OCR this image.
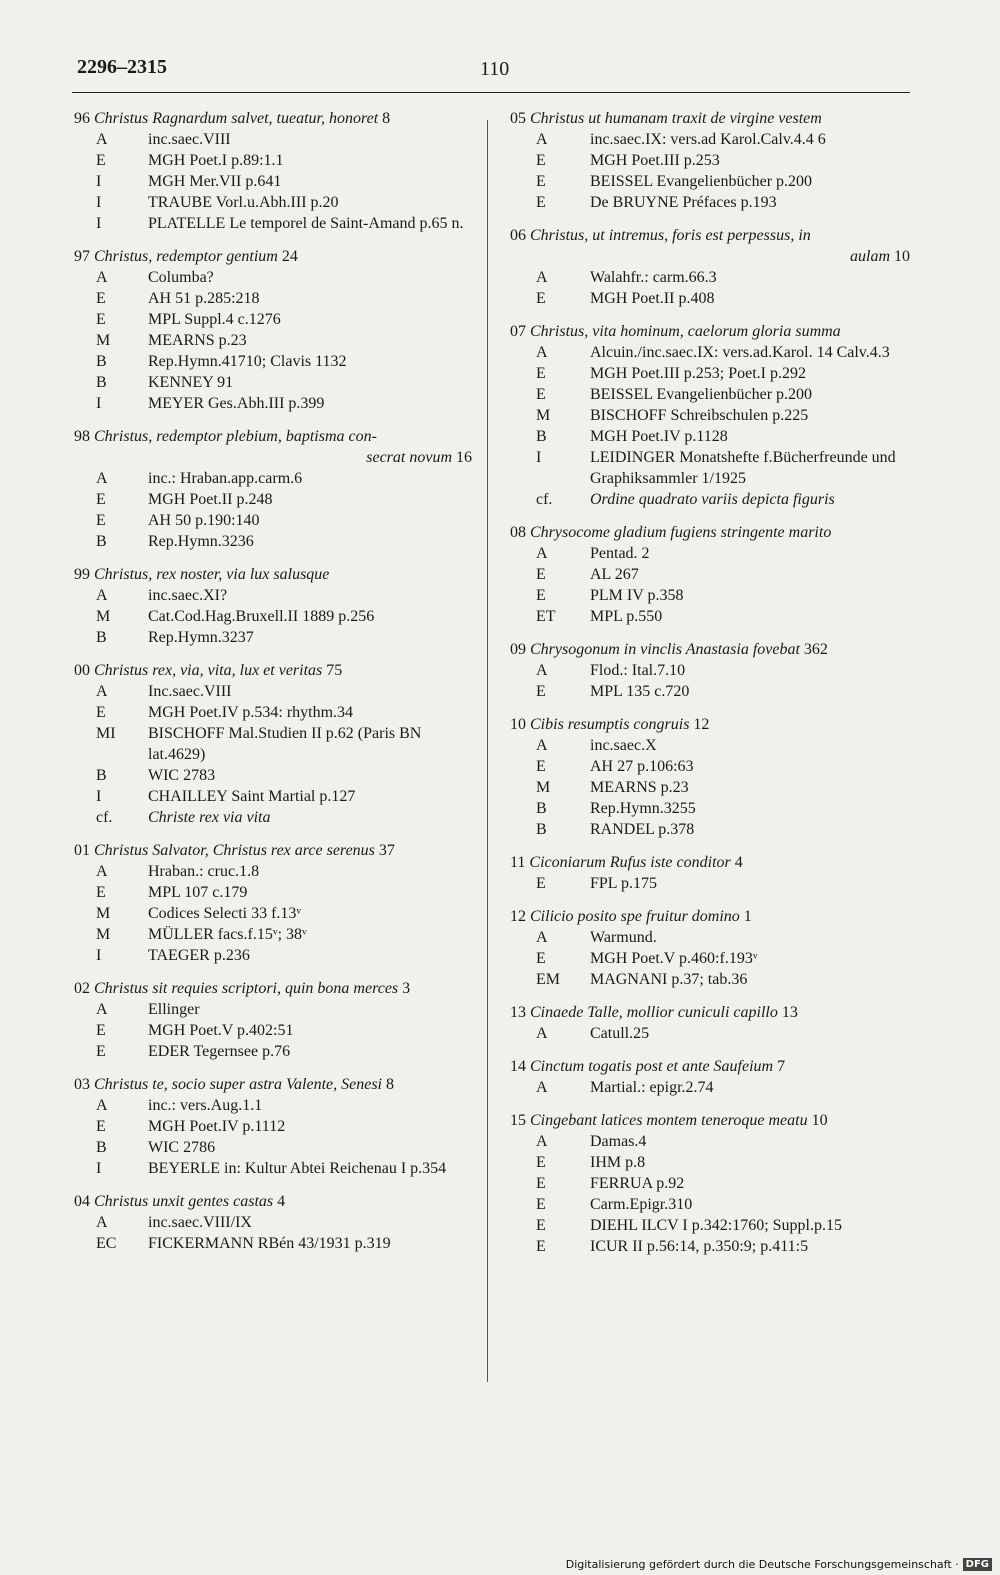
2296–2315	110
96 Christus Ragnardum salvet, tueatur, honoret 8
A	inc.saec.VIII
E	MGH Poet.I p.89:1.1
I	MGH Mer.VII p.641
I	TRAUBE Vorl.u.Abh.III p.20
I	PLATELLE Le temporel de Saint-Amand p.65 n.
97 Christus, redemptor gentium 24
A	Columba?
E	AH 51 p.285:218
E	MPL Suppl.4 c.1276
M	MEARNS p.23
B	Rep.Hymn.41710; Clavis 1132
B	KENNEY 91
I	MEYER Ges.Abh.III p.399
98 Christus, redemptor plebium, baptisma con-
secrat novum 16
A	inc.: Hraban.app.carm.6
E	MGH Poet.II p.248
E	AH 50 p.190:140
B	Rep.Hymn.3236
99 Christus, rex noster, via lux salusque
A	inc.saec.XI?
M	Cat.Cod.Hag.Bruxell.II 1889 p.256
B	Rep.Hymn.3237
00 Christus rex, via, vita, lux et veritas 75
A	Inc.saec.VIII
E	MGH Poet.IV p.534: rhythm.34
MI	BISCHOFF Mal.Studien II p.62 (Paris BN lat.4629)
B	WIC 2783
I	CHAILLEY Saint Martial p.127
cf.	Christe rex via vita
01 Christus Salvator, Christus rex arce serenus 37
A	Hraban.: cruc.1.8
E	MPL 107 c.179
M	Codices Selecti 33 f.13ᵛ
M	MÜLLER facs.f.15ᵛ; 38ᵛ
I	TAEGER p.236
02 Christus sit requies scriptori, quin bona merces 3
A	Ellinger
E	MGH Poet.V p.402:51
E	EDER Tegernsee p.76
03 Christus te, socio super astra Valente, Senesi 8
A	inc.: vers.Aug.1.1
E	MGH Poet.IV p.1112
B	WIC 2786
I	BEYERLE in: Kultur Abtei Reichenau I p.354
04 Christus unxit gentes castas 4
A	inc.saec.VIII/IX
EC	FICKERMANN RBén 43/1931 p.319
05 Christus ut humanam traxit de virgine vestem
A	inc.saec.IX: vers.ad Karol.Calv.4.4 6
E	MGH Poet.III p.253
E	BEISSEL Evangelienbücher p.200
E	De BRUYNE Préfaces p.193
06 Christus, ut intremus, foris est perpessus, in
aulam 10
A	Walahfr.: carm.66.3
E	MGH Poet.II p.408
07 Christus, vita hominum, caelorum gloria summa
A	Alcuin./inc.saec.IX: vers.ad.Karol. 14 Calv.4.3
E	MGH Poet.III p.253; Poet.I p.292
E	BEISSEL Evangelienbücher p.200
M	BISCHOFF Schreibschulen p.225
B	MGH Poet.IV p.1128
I	LEIDINGER Monatshefte f.Bücherfreunde und Graphiksammler 1/1925
cf.	Ordine quadrato variis depicta figuris
08 Chrysocome gladium fugiens stringente marito
A	Pentad. 2
E	AL 267
E	PLM IV p.358
ET	MPL p.550
09 Chrysogonum in vinclis Anastasia fovebat 362
A	Flod.: Ital.7.10
E	MPL 135 c.720
10 Cibis resumptis congruis 12
A	inc.saec.X
E	AH 27 p.106:63
M	MEARNS p.23
B	Rep.Hymn.3255
B	RANDEL p.378
11 Ciconiarum Rufus iste conditor 4
E	FPL p.175
12 Cilicio posito spe fruitur domino 1
A	Warmund.
E	MGH Poet.V p.460:f.193ᵛ
EM	MAGNANI p.37; tab.36
13 Cinaede Talle, mollior cuniculi capillo 13
A	Catull.25
14 Cinctum togatis post et ante Saufeium 7
A	Martial.: epigr.2.74
15 Cingebant latices montem teneroque meatu 10
A	Damas.4
E	IHM p.8
E	FERRUA p.92
E	Carm.Epigr.310
E	DIEHL ILCV I p.342:1760; Suppl.p.15
E	ICUR II p.56:14, p.350:9; p.411:5
Digitalisierung gefördert durch die Deutsche Forschungsgemeinschaft · DFG
